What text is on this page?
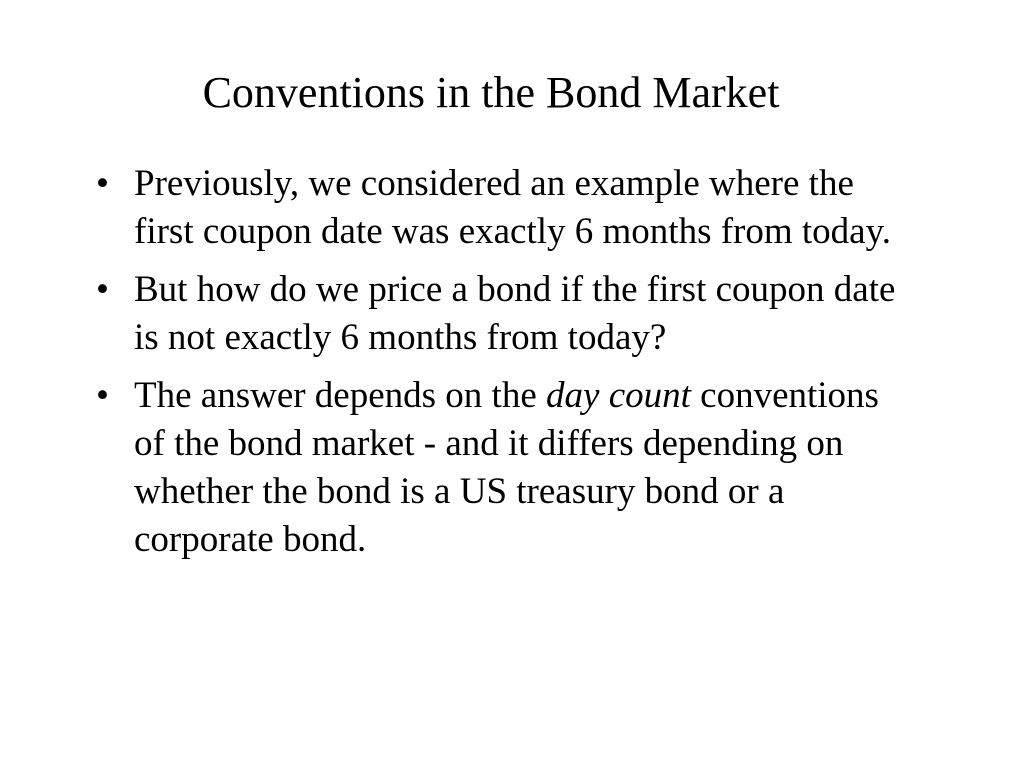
Conventions in the Bond Market
• Previously, we considered an example where the first coupon date was exactly 6 months from today.
• But how do we price a bond if the first coupon date is not exactly 6 months from today?
• The answer depends on the day count conventions of the bond market - and it differs depending on whether the bond is a US treasury bond or a corporate bond.
